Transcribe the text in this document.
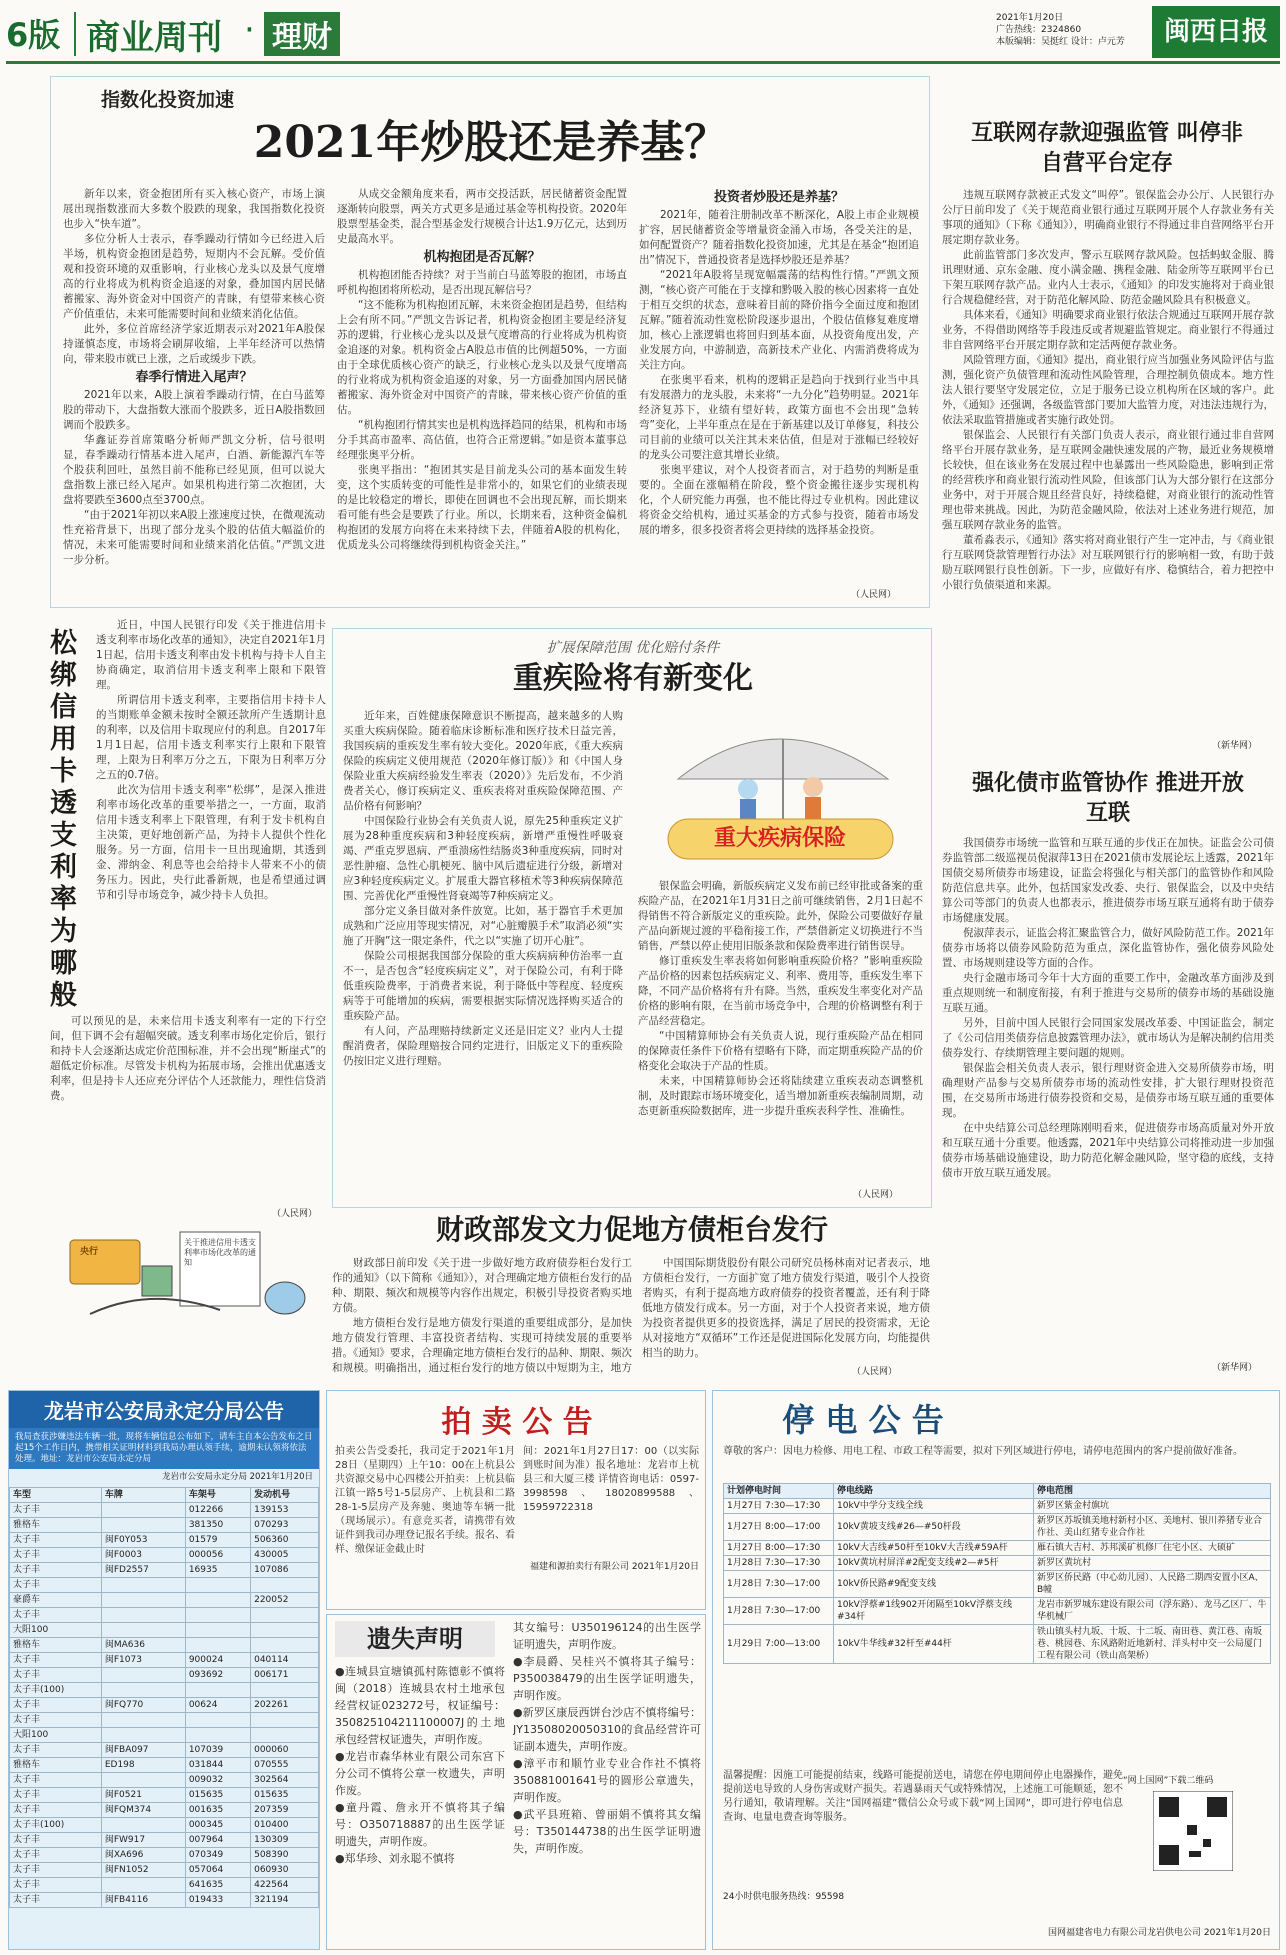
6版 商业周刊 · 理财
2021年1月20日
广告热线：2324860
本版编辑：吴挺红 设计：卢元芳	闽西日报
指数化投资加速
2021年炒股还是养基？

新年以来，资金抱团所有买入核心资产，市场上演展出现指数涨而大多数个股跌的现象，我国指数化投资也步入“快车道”。

多位分析人士表示，春季躁动行情如今已经进入后半场，机构资金抱团是趋势，短期内不会瓦解。受价值观和投资环境的双重影响，行业核心龙头以及景气度增高的行业将成为机构资金追逐的对象，叠加国内居民储蓄搬家、海外资金对中国资产的青睐，有望带来核心资产价值重估，未来可能需要时间和业绩来消化估值。

此外，多位首席经济学家近期表示对2021年A股保持谨慎态度，市场将会刷屏收缩，上半年经济可以热情向，带来股市就已上涨，之后或缓步下跌。

春季行情进入尾声？

2021年以来，A股上演着季躁动行情，在白马蓝筹股的带动下，大盘指数大涨而个股跌多，近日A股指数回调而个股跌多。

华鑫证券首席策略分析师严凯文分析，信号很明显，春季躁动行情基本进入尾声，白酒、新能源汽车等个股获利回吐，虽然目前不能称已经见顶，但可以说大盘指数上涨已经入尾声。如果机构进行第二次抱团，大盘将要跌至3600点至3700点。

“由于2021年初以来A股上涨速度过快，在微观流动性充裕背景下，出现了部分龙头个股的估值大幅溢价的情况，未来可能需要时间和业绩来消化估值。”严凯文进一步分析。

从成交金额角度来看，两市交投活跃，居民储蓄资金配置逐渐转向股票，两关方式更多是通过基金等机构投资。2020年股票型基金类，混合型基金发行规模合计达1.9万亿元，达到历史最高水平。

机构抱团是否瓦解？

机构抱团能否持续？对于当前白马蓝筹股的抱团，市场直呼机构抱团将所松动，是否出现瓦解信号？

“这不能称为机构抱团瓦解，未来资金抱团是趋势，但结构上会有所不同。”严凯文告诉记者，机构资金抱团主要是经济复苏的逻辑，行业核心龙头以及景气度增高的行业将成为机构资金追逐的对象。机构资金占A股总市值的比例超50%，一方面由于全球优质核心资产的缺乏，行业核心龙头以及景气度增高的行业将成为机构资金追逐的对象，另一方面叠加国内居民储蓄搬家、海外资金对中国资产的青睐，带来核心资产价值的重估。

“机构抱团行情其实也是机构选择趋同的结果，机构和市场分手其高市盈率、高估值，也符合正常逻辑。”如是资本董事总经理张奥平分析。

张奥平指出：“抱团其实是目前龙头公司的基本面发生转变，这个实质转变的可能性是非常小的，如果它们的业绩表现的是比较稳定的增长，即使在回调也不会出现瓦解，而长期来看可能有些会是要跌了行业。所以，长期来看，这种资金偏机构抱团的发展方向将在未来持续下去，伴随着A股的机构化，优质龙头公司将继续得到机构资金关注。”

投资者炒股还是养基？

2021年，随着注册制改革不断深化，A股上市企业规模扩容，居民储蓄资金等增量资金涌入市场，各受关注的是，如何配置资产？随着指数化投资加速，尤其是在基金“抱团追出”情况下，普通投资者是选择炒股还是养基？

“2021年A股将呈现宽幅震荡的结构性行情。”严凯文预测，“核心资产可能在于支撑和黔吸入股的核心因素将一直处于相互交织的状态，意味着目前的降价指今全面过度和抱团瓦解。”随着流动性宽松阶段逐步退出，个股估值修复难度增加，核心上涨逻辑也将回归到基本面，从投资角度出发，产业发展方向，中游制造，高新技术产业化、内需消费将成为关注方向。

在张奥平看来，机构的逻辑正是趋向于找到行业当中具有发展潜力的龙头股，未来将“一九分化”趋势明显。2021年经济复苏下，业绩有望好转，政策方面也不会出现“急转弯”变化，上半年重点在是在于新基建以及订单修复，科技公司目前的业绩可以关注其未来估值，但是对于涨幅已经较好的龙头公司要注意其增长业绩。

张奥平建议，对个人投资者而言，对于趋势的判断是重要的。全面在涨幅稍在阶段，整个资金搬往逐步实现机构化，个人研究能力再强，也不能比得过专业机构。因此建议将资金交给机构，通过买基金的方式参与投资，随着市场发展的增多，很多投资者将会更持续的选择基金投资。

（人民网）
松绑信用卡透支利率为哪般

近日，中国人民银行印发《关于推进信用卡透支利率市场化改革的通知》，决定自2021年1月1日起，信用卡透支利率由发卡机构与持卡人自主协商确定，取消信用卡透支利率上限和下限管理。

所谓信用卡透支利率，主要指信用卡持卡人的当期账单金额未按时全额还款所产生透期计息的利率，以及信用卡取现应付的利息。自2017年1月1日起，信用卡透支利率实行上限和下限管理，上限为日利率万分之五，下限为日利率万分之五的0.7倍。

此次为信用卡透支利率“松绑”，是深入推进利率市场化改革的重要举措之一，一方面，取消信用卡透支利率上下限管理，有利于发卡机构自主决策，更好地创新产品，为持卡人提供个性化服务。另一方面，信用卡一旦出现逾期，其透到金、滞纳金、利息等也会给持卡人带来不小的债务压力。因此，央行此番新规，也是希望通过调节和引导市场竞争，减少持卡人负担。

可以预见的是，未来信用卡透支利率有一定的下行空间，但下调不会有超幅突破。透支利率市场化定价后，银行和持卡人会逐渐达成定价范围标准，并不会出现“断崖式”的超低定价标准。尽管发卡机构为拓展市场，会推出优惠透支利率，但是持卡人还应充分评估个人还款能力，理性信贷消费。

（人民网）
央行
关于推进信用卡透支利率市场化改革的通知
扩展保障范围 优化赔付条件
重疾险将有新变化

近年来，百姓健康保障意识不断提高，越来越多的人购买重大疾病保险。随着临床诊断标准和医疗技术日益完善，我国疾病的重疾发生率有较大变化。2020年底，《重大疾病保险的疾病定义使用规范（2020年修订版）》和《中国人身保险业重大疾病经验发生率表（2020）》先后发布，不少消费者关心，修订疾病定义、重疾表将对重疾险保障范围、产品价格有何影响？

中国保险行业协会有关负责人说，原先25种重疾定义扩展为28种重度疾病和3种轻度疾病，新增严重慢性呼吸衰竭、严重克罗恩病、严重溃疡性结肠炎3种重度疾病，同时对恶性肿瘤、急性心肌梗死、脑中风后遗症进行分级，新增对应3种轻度疾病定义。扩展重大器官移植术等3种疾病保障范围、完善优化严重慢性肾衰竭等7种疾病定义。

部分定义条目做对条件放宽。比如，基于器官手术更加成熟和广泛应用等现实情况，对“心脏瓣膜手术”取消必须“实施了开胸”这一限定条件，代之以“实施了切开心脏”。

保险公司根据我国部分保险的重大疾病病种仿治率一直不一，是否包含“轻度疾病定义”，对于保险公司，有利于降低重疾险费率，于消费者来说，利于降低中等程度、轻度疾病等于可能增加的疾病，需要根据实际情况选择购买适合的重疾险产品。

有人问，产品理赔持续新定义还是旧定义？业内人士提醒消费者，保险理赔按合同约定进行，旧版定义下的重疾险仍按旧定义进行理赔。

重大疾病保险

银保监会明确，新版疾病定义发布前已经审批或备案的重疾险产品，在2021年1月31日之前可继续销售，2月1日起不得销售不符合新版定义的重疾险。此外，保险公司要做好存量产品向新规过渡的平稳衔接工作，严禁借新定义切换进行不当销售，严禁以停止使用旧版条款和保险费率进行销售误导。

修订重疾发生率表将如何影响重疾险价格？”影响重疾险产品价格的因素包括疾病定义、利率、费用等，重疾发生率下降，不同产品价格将有升有降。当然，重疾发生率变化对产品价格的影响有限，在当前市场竞争中，合理的价格调整有利于产品经营稳定。

“中国精算师协会有关负责人说，现行重疾险产品在相同的保障责任条件下价格有望略有下降，而定期重疾险产品的价格变化会取决于产品的性质。

未来，中国精算师协会还将陆续建立重疾表动态调整机制，及时跟踪市场环境变化，适当增加新重疾表编制周期，动态更新重疾险数据库，进一步提升重疾表科学性、准确性。

（人民网）
财政部发文力促地方债柜台发行

财政部日前印发《关于进一步做好地方政府债券柜台发行工作的通知》（以下简称《通知》），对合理确定地方债柜台发行的品种、期限、频次和规模等内容作出规定，积极引导投资者购买地方债。

地方债柜台发行是地方债发行渠道的重要组成部分，是加快地方债发行管理、丰富投资者结构、实现可持续发展的重要举措。《通知》要求，合理确定地方债柜台发行的品种、期限、频次和规模。明确指出，通过柜台发行的地方债以中短期为主，地方

中国国际期货股份有限公司研究员杨林南对记者表示，地方债柜台发行，一方面扩宽了地方债发行渠道，吸引个人投资者购买，有利于提高地方政府债券的投资者覆盖，还有利于降低地方债发行成本。另一方面，对于个人投资者来说，地方债为投资者提供更多的投资选择，满足了居民的投资需求，无论从对接地方“双循环”工作还是促进国际化发展方向，均能提供相当的助力。

（人民网）
互联网存款迎强监管 叫停非自营平台定存

违规互联网存款被正式发文“叫停”。银保监会办公厅、人民银行办公厅日前印发了《关于规范商业银行通过互联网开展个人存款业务有关事项的通知》（下称《通知》），明确商业银行不得通过非自营网络平台开展定期存款业务。

此前监管部门多次发声，警示互联网存款风险。包括蚂蚁金服、腾讯理财通、京东金融、度小满金融、携程金融、陆金所等互联网平台已下架互联网存款产品。业内人士表示，《通知》的印发实施将对于商业银行合规稳健经营，对于防范化解风险、防范金融风险具有积极意义。

具体来看，《通知》明确要求商业银行依法合规通过互联网开展存款业务，不得借助网络等手段违反或者规避监管规定。商业银行不得通过非自营网络平台开展定期存款和定活两便存款业务。

风险管理方面，《通知》提出，商业银行应当加强业务风险评估与监测，强化资产负债管理和流动性风险管理，合理控制负债成本。地方性法人银行要坚守发展定位，立足于服务已设立机构所在区域的客户。此外，《通知》还强调，各级监管部门要加大监管力度，对违法违规行为，依法采取监管措施或者实施行政处罚。

银保监会、人民银行有关部门负责人表示，商业银行通过非自营网络平台开展存款业务，是互联网金融快速发展的产物，最近业务规模增长较快，但在该业务在发展过程中也暴露出一些风险隐患，影响到正常的经营秩序和商业银行流动性风险，但该部门认为大部分银行在这部分业务中，对于开展合规且经营良好，持续稳健，对商业银行的流动性管理也带来挑战。因此，为防范金融风险，依法对上述业务进行规范，加强互联网存款业务的监管。

董希淼表示，《通知》落实将对商业银行产生一定冲击，与《商业银行互联网贷款管理暂行办法》对互联网银行行的影响相一致，有助于鼓励互联网银行良性创新。下一步，应做好有序、稳慎结合，着力把控中小银行负债渠道和来源。

（新华网）
强化债市监管协作 推进开放互联

我国债券市场统一监管和互联互通的步伐正在加快。证监会公司债券监管部二级巡视员倪淑萍13日在2021债市发展论坛上透露，2021年国债交易所债券市场建设，证监会将强化与相关部门的监管协作和风险防范信息共享。此外，包括国家发改委、央行、银保监会，以及中央结算公司等部门的负责人也都表示，推进债券市场互联互通将有助于债券市场健康发展。

倪淑萍表示，证监会将汇聚监管合力，做好风险防范工作。2021年债券市场将以债券风险防范为重点，深化监管协作，强化债券风险处置、市场规则建设等方面的合作。

央行金融市场司今年十大方面的重要工作中，金融改革方面涉及到重点规则统一和制度衔接，有利于推进与交易所的债券市场的基础设施互联互通。

另外，目前中国人民银行会同国家发展改革委、中国证监会，制定了《公司信用类债券信息披露管理办法》，就市场认为是解决制约信用类债券发行、存续期管理主要问题的规则。

银保监会相关负责人表示，银行理财资金进入交易所债券市场，明确理财产品参与交易所债券市场的流动性安排，扩大银行理财投资范围，在交易所市场进行债券投资和交易，是债券市场互联互通的重要体现。

在中央结算公司总经理陈刚明看来，促进债券市场高质量对外开放和互联互通十分重要。他透露，2021年中央结算公司将推动进一步加强债券市场基础设施建设，助力防范化解金融风险，坚守稳的底线，支持债市开放互联互通发展。

（新华网）
龙岩市公安局永定分局公告
我局查获涉嫌违法车辆一批，现将车辆信息公布如下，请车主自本公告发布之日起15个工作日内，携带相关证明材料到我局办理认领手续，逾期未认领将依法处理。地址：龙岩市公安局永定分局
龙岩市公安局永定分局 2021年1月20日
车型	车牌	车架号	发动机号
太子丰		012266	139153
雅格车		381350	070293
太子丰	闽F0Y053	01579	506360
太子丰	闽F0003	000056	430005
太子丰	闽FD2557	16935	107086
太子丰			
豪爵车			220052
太子丰			
大阳100			
雅格车	闽MA636		
太子丰	闽F1073	900024	040114
太子丰		093692	006171
太子丰(100)			
太子丰	闽FQ770	00624	202261
太子丰			
大阳100			
太子丰	闽FBA097	107039	000060
雅格车	ED198	031844	070555
太子丰		009032	302564
太子丰	闽F0521	015635	015635
太子丰	闽FQM374	001635	207359
太子丰(100)		000345	010400
太子丰	闽FW917	007964	130309
太子丰	闽XA696	070349	508390
太子丰	闽FN1052	057064	060930
太子丰		641635	422564
太子丰	闽FB4116	019433	321194
拍 卖 公 告
拍卖公告受委托，我司定于2021年1月28日（星期四）上午10：00在上杭县公共资源交易中心四楼公开拍卖：上杭县临江镇一路5号1-5层房产、上杭县和二路28-1-5层房产及奔驰、奥迪等车辆一批（现场展示）。有意竞买者，请携带有效证件到我司办理登记报名手续。报名、看样、缴保证金截止时
间：2021年1月27日17：00（以实际到账时间为准）报名地址：龙岩市上杭县三和大厦三楼 详情咨询电话：0597-3998598、18020899588、15959722318
福建和源拍卖行有限公司 2021年1月20日
遗失声明
●连城县宣塘镇孤村陈德彰不慎将闽（2018）连城县农村土地承包经营权证023272号，权证编号：350825104211100007J的土地承包经营权证遗失，声明作废。
●龙岩市森华林业有限公司东宫下分公司不慎将公章一枚遗失，声明作废。
●童丹霞、詹永开不慎将其子编号：O350718887的出生医学证明遗失，声明作废。
●郑华珍、刘永聪不慎将
其女编号：U350196124的出生医学证明遗失，声明作废。
●李晨爵、吴桂兴不慎将其子编号：P350038479的出生医学证明遗失，声明作废。
●新罗区康辰西饼台沙店不慎将编号：JY13508020050310的食品经营许可证副本遗失，声明作废。
●漳平市和顺竹业专业合作社不慎将350881001641号的圆形公章遗失，声明作废。
●武平县班箱、曾丽娟不慎将其女编号：T350144738的出生医学证明遗失，声明作废。
停 电 公 告
尊敬的客户：因电力检修、用电工程、市政工程等需要，拟对下列区域进行停电，请停电范围内的客户提前做好准备。
计划停电时间	停电线路	停电范围
1月27日 7:30—17:30	10kV中学分支线全线	新罗区紫金村旗坑
1月27日 8:00—17:00	10kV黄坡支线#26—#50杆段	新罗区苏坂镇美地村新村小区、美地村、银川养猪专业合作社、美山红猪专业合作社
1月27日 8:00—17:30	10kV大吉线#50杆至10kV大吉线#59A杆	雁石镇大吉村、苏邦溪矿机修厂住宅小区、大硕矿
1月28日 7:30—17:30	10kV黄坑村屏洋#2配变支线#2—#5杆	新罗区黄坑村
1月28日 7:30—17:00	10kV侨民路#9配变支线	新罗区侨民路（中心幼儿园）、人民路二期西安置小区A、B幢
1月28日 7:30—17:00	10kV浮蔡#1线902开闭隔至10kV浮蔡支线#34杆	龙岩市新罗城东建设有限公司（浮东路）、龙马乙区厂、牛华机械厂
1月29日 7:00—13:00	10kV牛华线#32杆至#44杆	铁山镇头村九坂、十坂、十二坂、南田巷、黄江巷、南坂巷、桃园巷、东风路附近地新村、洋头村中交一公局厦门工程有限公司（铁山高架桥）
温馨提醒：因施工可能提前结束，线路可能提前送电，请您在停电期间停止电器操作，避免提前送电导致的人身伤害或财产损失。若遇暴雨天气或特殊情况，上述施工可能顺延，恕不另行通知，敬请理解。关注“国网福建”微信公众号或下载“网上国网”，即可进行停电信息查询、电量电费查询等服务。
24小时供电服务热线：95598
“网上国网”下载二维码
国网福建省电力有限公司龙岩供电公司 2021年1月20日
